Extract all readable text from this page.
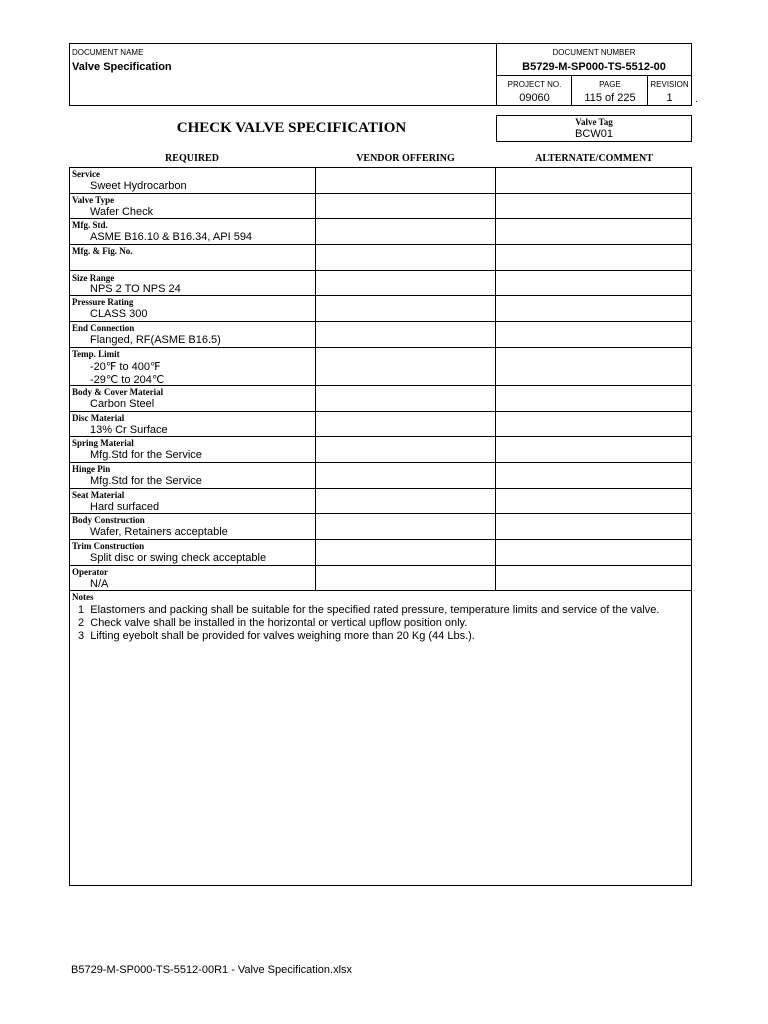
DOCUMENT NAME
Valve Specification
DOCUMENT NUMBER
B5729-M-SP000-TS-5512-00
PROJECT NO.
09060
PAGE
115 of 225
REVISION
1	.
CHECK VALVE SPECIFICATION	Valve Tag
BCW01
REQUIRED	VENDOR OFFERING	ALTERNATE/COMMENT
Service
Sweet Hydrocarbon		

Valve Type
Wafer Check		

Mfg. Std.
ASME B16.10 & B16.34, API 594		

Mfg. & Fig. No.		

Size Range
NPS 2 TO NPS 24		

Pressure Rating
CLASS 300		

End Connection
Flanged, RF(ASME B16.5)		

Temp. Limit
-20℉ to 400℉
-29℃ to 204℃		

Body & Cover Material
Carbon Steel		

Disc Material
13% Cr Surface		

Spring Material
Mfg.Std for the Service		

Hinge Pin
Mfg.Std for the Service		

Seat Material
Hard surfaced		

Body Construction
Wafer, Retainers acceptable		

Trim Construction
Split disc or swing check acceptable		

Operator
N/A		

Notes
1 Elastomers and packing shall be suitable for the specified rated pressure, temperature limits and service of the valve.
2 Check valve shall be installed in the horizontal or vertical upflow position only.
3 Lifting eyebolt shall be provided for valves weighing more than 20 Kg (44 Lbs.).		
B5729-M-SP000-TS-5512-00R1 - Valve Specification.xlsx
